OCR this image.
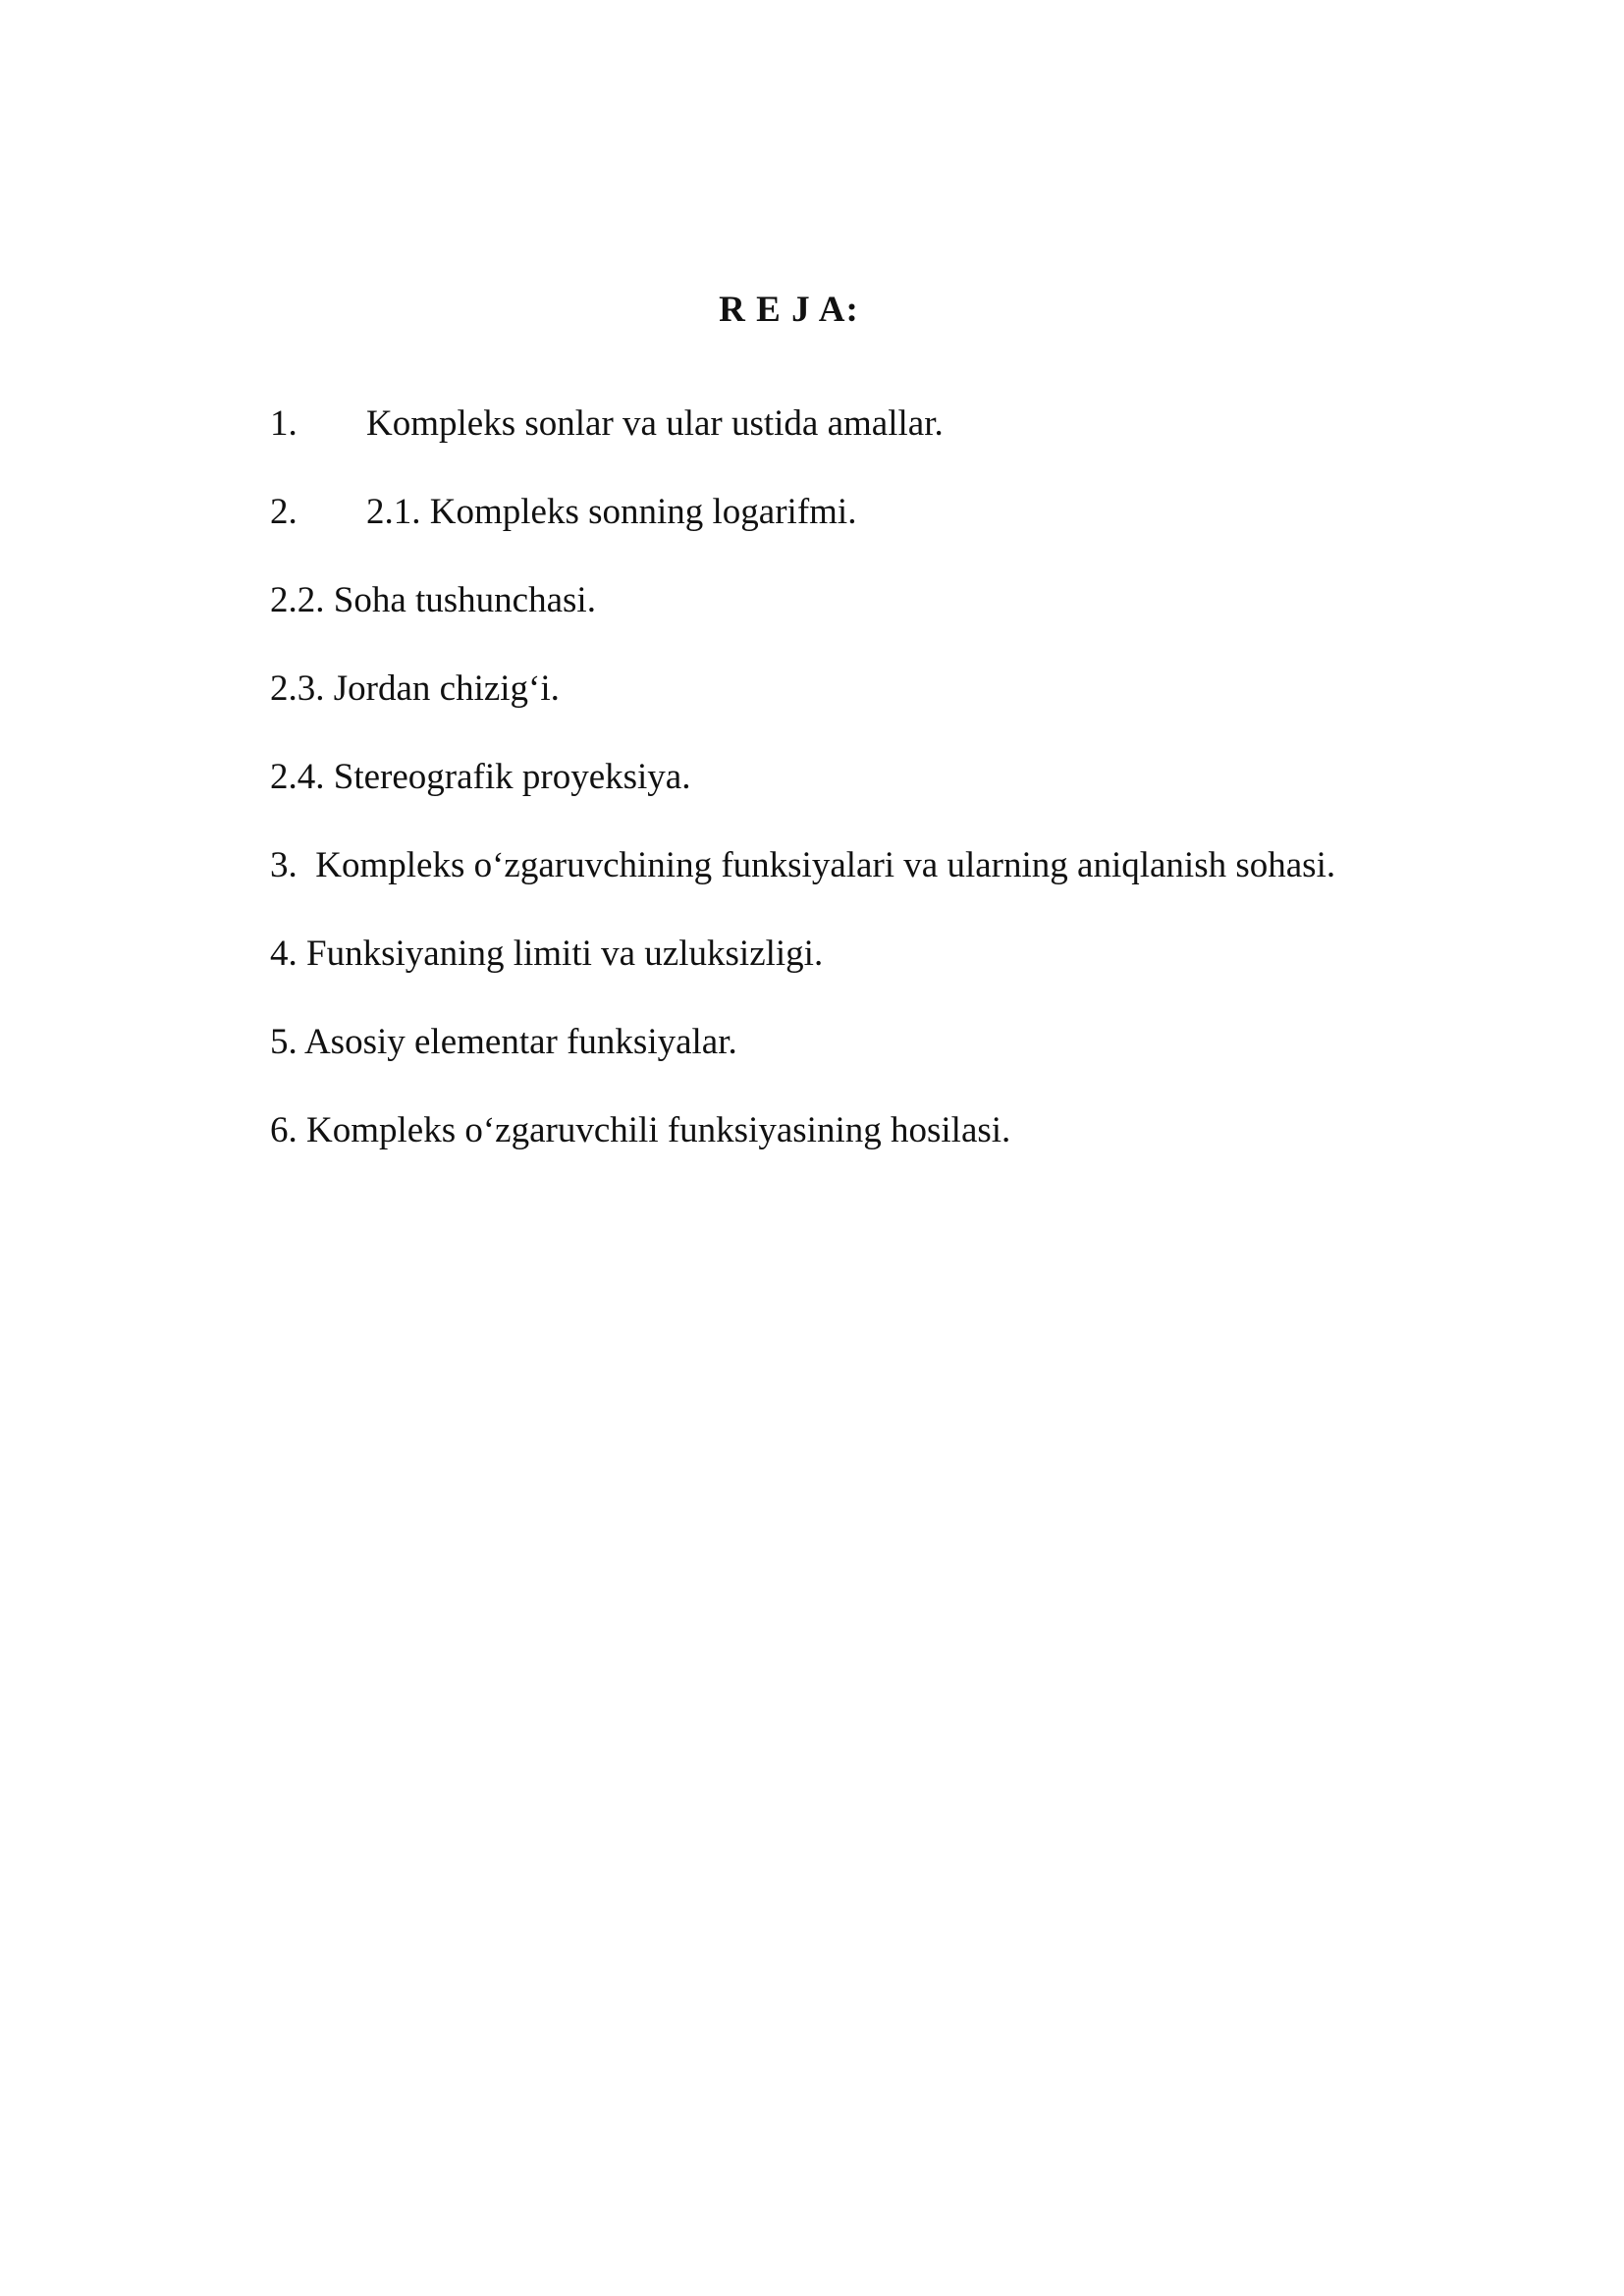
R E J A:

1. Kompleks sonlar va ular ustida amallar.

2. 2.1. Kompleks sonning logarifmi.

2.2. Soha tushunchasi.

2.3. Jordan chizig‘i.

2.4. Stereografik proyeksiya.

3.  Kompleks o‘zgaruvchining funksiyalari va ularning aniqlanish sohasi.

4. Funksiyaning limiti va uzluksizligi.

5. Asosiy elementar funksiyalar.

6. Kompleks o‘zgaruvchili funksiyasining hosilasi.
